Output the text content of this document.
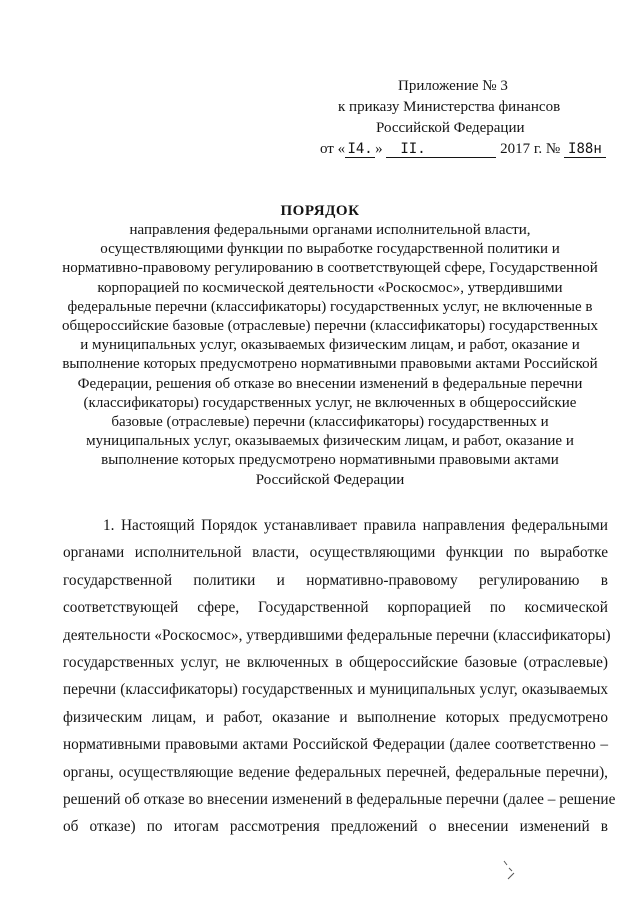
Приложение № 3
к приказу Министерства финансов
Российской Федерации
от « I4. » II.	2017 г. № I88н
ПОРЯДОК
направления федеральными органами исполнительной власти,
осуществляющими функции по выработке государственной политики и
нормативно-правовому регулированию в соответствующей сфере, Государственной
корпорацией по космической деятельности «Роскосмос», утвердившими
федеральные перечни (классификаторы) государственных услуг, не включенные в
общероссийские базовые (отраслевые) перечни (классификаторы) государственных
и муниципальных услуг, оказываемых физическим лицам, и работ, оказание и
выполнение которых предусмотрено нормативными правовыми актами Российской
Федерации, решения об отказе во внесении изменений в федеральные перечни
(классификаторы) государственных услуг, не включенных в общероссийские
базовые (отраслевые) перечни (классификаторы) государственных и
муниципальных услуг, оказываемых физическим лицам, и работ, оказание и
выполнение которых предусмотрено нормативными правовыми актами
Российской Федерации
1. Настоящий Порядок устанавливает правила направления федеральными
органами исполнительной власти, осуществляющими функции по выработке
государственной политики и нормативно-правовому регулированию в
соответствующей сфере, Государственной корпорацией по космической
деятельности «Роскосмос», утвердившими федеральные перечни (классификаторы)
государственных услуг, не включенных в общероссийские базовые (отраслевые)
перечни (классификаторы) государственных и муниципальных услуг, оказываемых
физическим лицам, и работ, оказание и выполнение которых предусмотрено
нормативными правовыми актами Российской Федерации (далее соответственно –
органы, осуществляющие ведение федеральных перечней, федеральные перечни),
решений об отказе во внесении изменений в федеральные перечни (далее – решение
об отказе) по итогам рассмотрения предложений о внесении изменений в
